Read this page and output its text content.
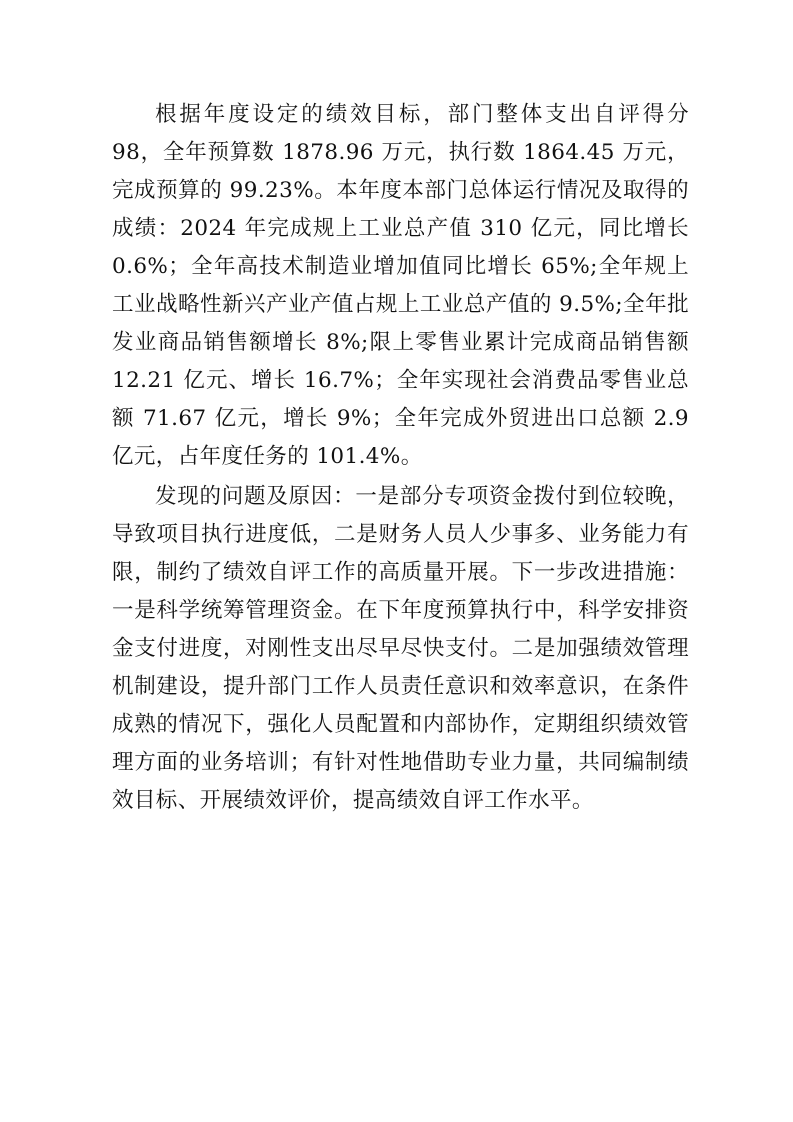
根据年度设定的绩效目标，部门整体支出自评得分 98，全年预算数 1878.96 万元，执行数 1864.45 万元，完成预算的 99.23%。本年度本部门总体运行情况及取得的成绩：2024 年完成规上工业总产值 310 亿元，同比增长 0.6%；全年高技术制造业增加值同比增长 65%;全年规上工业战略性新兴产业产值占规上工业总产值的 9.5%;全年批发业商品销售额增长 8%;限上零售业累计完成商品销售额 12.21 亿元、增长 16.7%；全年实现社会消费品零售业总额 71.67 亿元，增长 9%；全年完成外贸进出口总额 2.9 亿元，占年度任务的 101.4%。

发现的问题及原因：一是部分专项资金拨付到位较晚，导致项目执行进度低，二是财务人员人少事多、业务能力有限，制约了绩效自评工作的高质量开展。下一步改进措施：一是科学统筹管理资金。在下年度预算执行中，科学安排资金支付进度，对刚性支出尽早尽快支付。二是加强绩效管理机制建设，提升部门工作人员责任意识和效率意识，在条件成熟的情况下，强化人员配置和内部协作，定期组织绩效管理方面的业务培训；有针对性地借助专业力量，共同编制绩效目标、开展绩效评价，提高绩效自评工作水平。
